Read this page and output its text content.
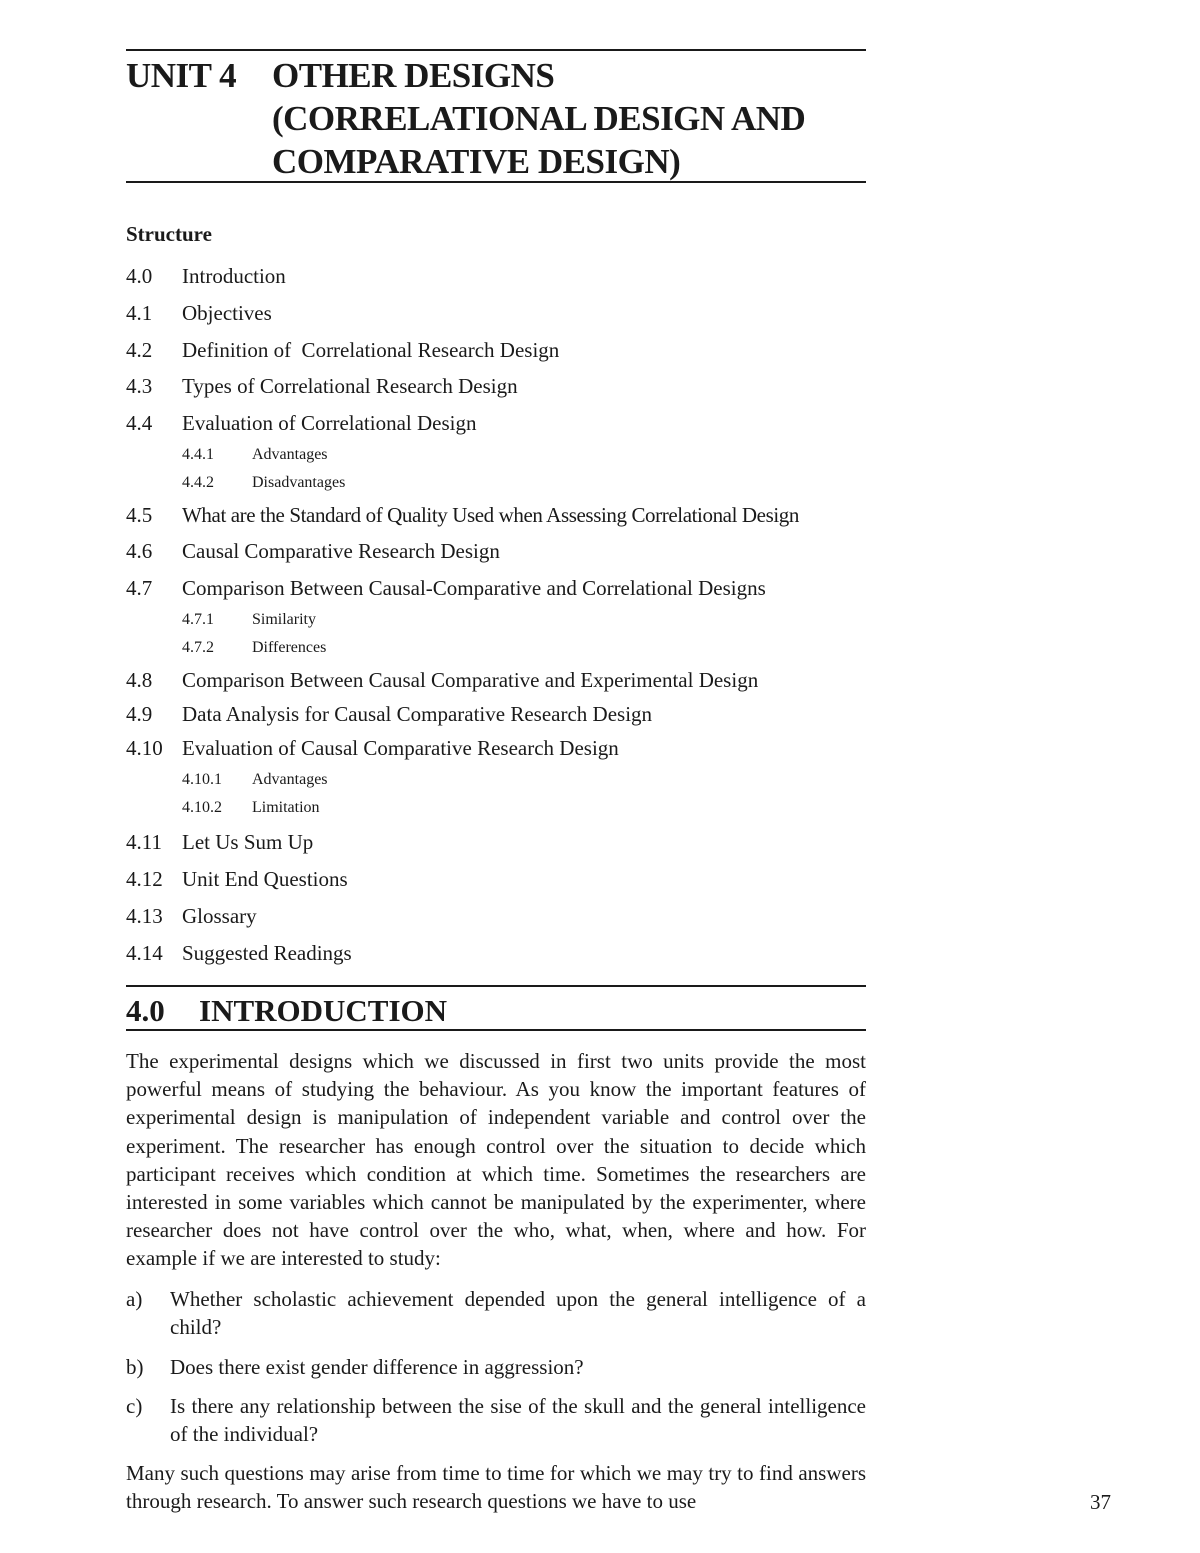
UNIT 4 OTHER DESIGNS
(CORRELATIONAL DESIGN AND
COMPARATIVE DESIGN)
Structure
4.0 Introduction
4.1 Objectives
4.2 Definition of  Correlational Research Design
4.3 Types of Correlational Research Design
4.4 Evaluation of Correlational Design
4.4.1 Advantages
4.4.2 Disadvantages
4.5 What are the Standard of Quality Used when Assessing Correlational Design
4.6 Causal Comparative Research Design
4.7 Comparison Between Causal-Comparative and Correlational Designs
4.7.1 Similarity
4.7.2 Differences
4.8 Comparison Between Causal Comparative and Experimental Design
4.9 Data Analysis for Causal Comparative Research Design
4.10 Evaluation of Causal Comparative Research Design
4.10.1 Advantages
4.10.2 Limitation
4.11 Let Us Sum Up
4.12 Unit End Questions
4.13 Glossary
4.14 Suggested Readings
4.0 INTRODUCTION
The experimental designs which we discussed in first two units provide the most powerful means of studying the behaviour. As you know the important features of experimental design is manipulation of independent variable and control over the experiment. The researcher has enough control over the situation to decide which participant receives which condition at which time. Sometimes the researchers are interested in some variables which cannot be manipulated by the experimenter, where researcher does not have control over the who, what, when, where and how. For example if we are interested to study:
a) Whether scholastic achievement depended upon the general intelligence of a child?
b) Does there exist gender difference in aggression?
c) Is there any relationship between the sise of the skull and the general intelligence of the individual?
Many such questions may arise from time to time for which we may try to find answers through research. To answer such research questions we have to use	37
